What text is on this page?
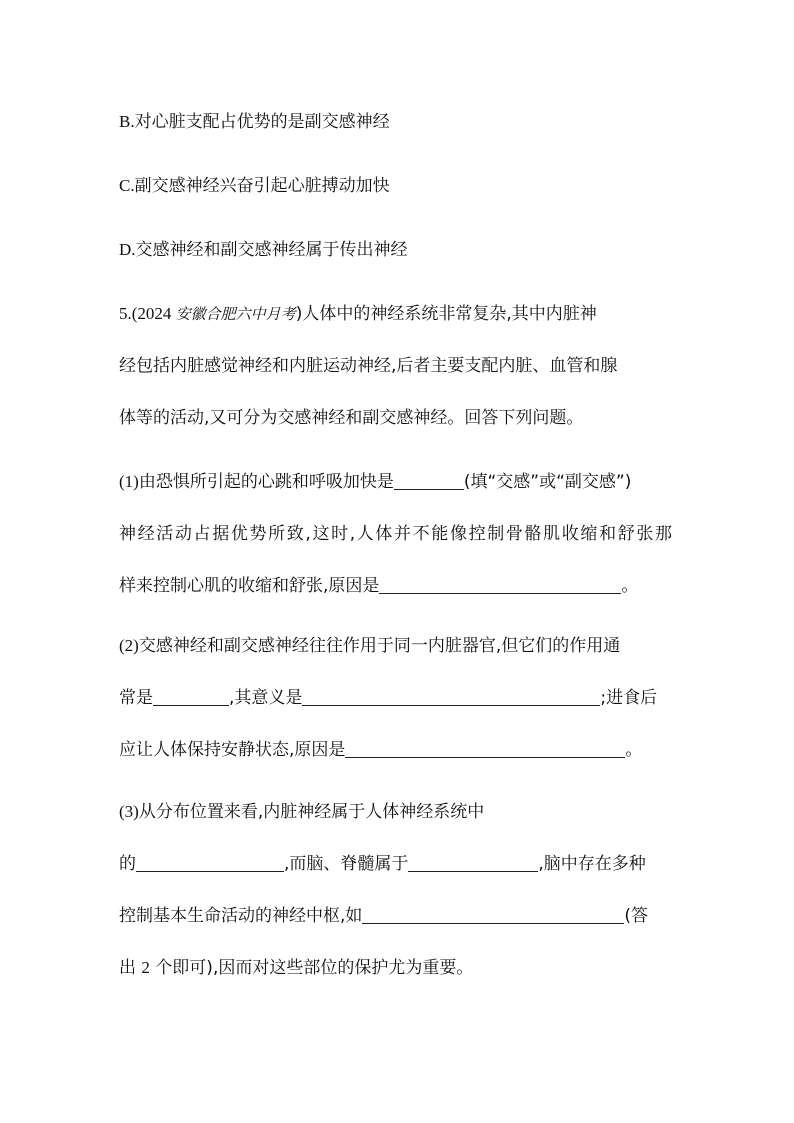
B.对心脏支配占优势的是副交感神经
C.副交感神经兴奋引起心脏搏动加快
D.交感神经和副交感神经属于传出神经
5.(2024 安徽合肥六中月考)人体中的神经系统非常复杂,其中内脏神
经包括内脏感觉神经和内脏运动神经,后者主要支配内脏、血管和腺
体等的活动,又可分为交感神经和副交感神经。回答下列问题。
(1)由恐惧所引起的心跳和呼吸加快是	(填“交感”或“副交感”)
神经活动占据优势所致,这时,人体并不能像控制骨骼肌收缩和舒张那
样来控制心肌的收缩和舒张,原因是	。
(2)交感神经和副交感神经往往作用于同一内脏器官,但它们的作用通
常是	,其意义是	;进食后
应让人体保持安静状态,原因是	。
(3)从分布位置来看,内脏神经属于人体神经系统中
的	,而脑、脊髓属于	,脑中存在多种
控制基本生命活动的神经中枢,如	(答
出 2 个即可),因而对这些部位的保护尤为重要。
